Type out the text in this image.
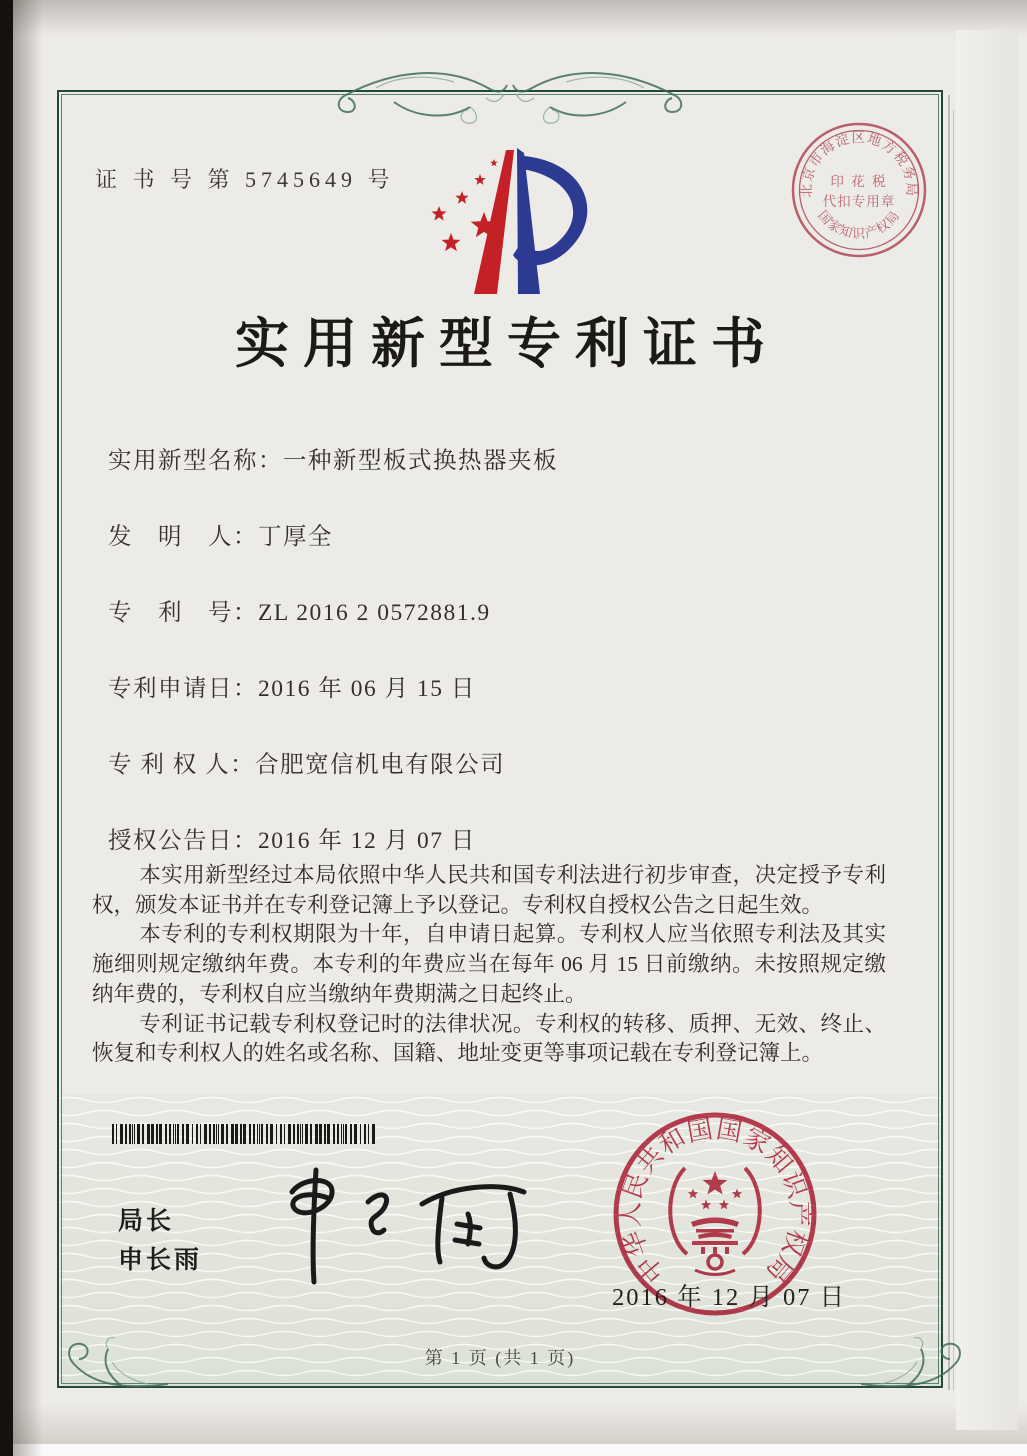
证 书 号 第 5745649 号	北京市海淀区地方税务局
国家知识产权局
印 花 税
代扣专用章
实用新型专利证书
实用新型名称：一种新型板式换热器夹板
发　明　人：丁厚全
专　利　号：ZL 2016 2 0572881.9
专利申请日：2016 年 06 月 15 日
专 利 权 人：合肥宽信机电有限公司
授权公告日：2016 年 12 月 07 日

本实用新型经过本局依照中华人民共和国专利法进行初步审查，决定授予专利权，颁发本证书并在专利登记簿上予以登记。专利权自授权公告之日起生效。

本专利的专利权期限为十年，自申请日起算。专利权人应当依照专利法及其实施细则规定缴纳年费。本专利的年费应当在每年 06 月 15 日前缴纳。未按照规定缴纳年费的，专利权自应当缴纳年费期满之日起终止。

专利证书记载专利权登记时的法律状况。专利权的转移、质押、无效、终止、恢复和专利权人的姓名或名称、国籍、地址变更等事项记载在专利登记簿上。

局长
申长雨	中华人民共和国国家知识产权局
2016 年 12 月 07 日
第 1 页 (共 1 页)
